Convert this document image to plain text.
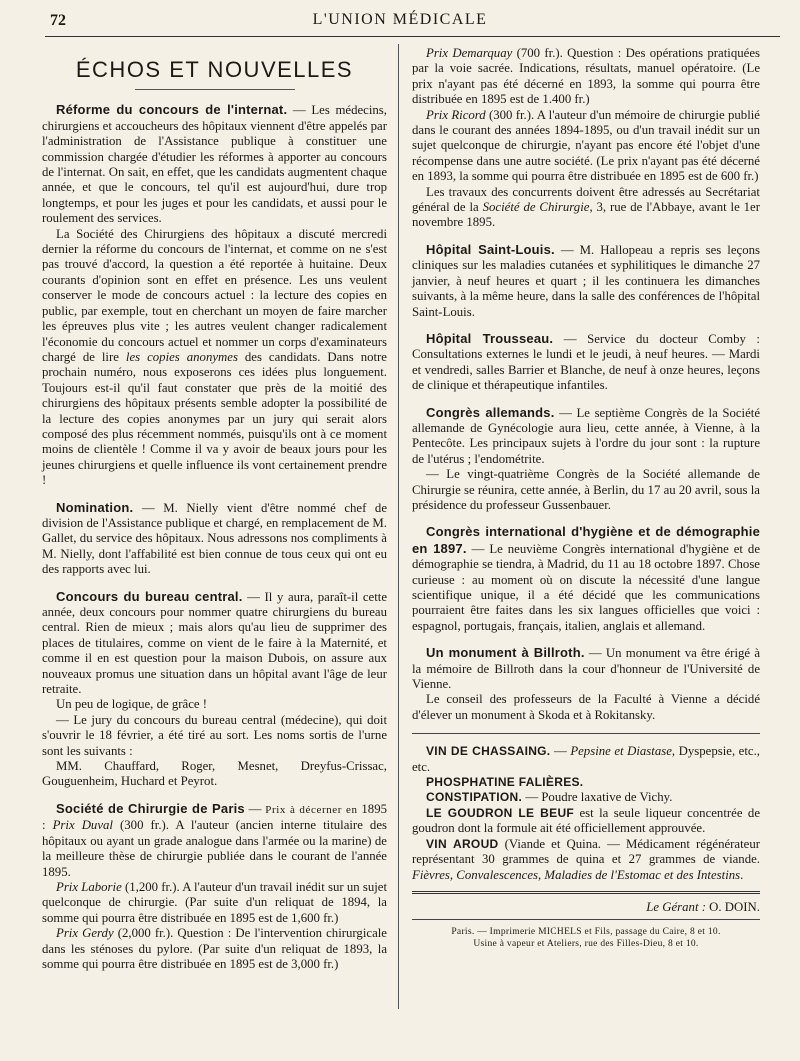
72	L'UNION MÉDICALE
ÉCHOS ET NOUVELLES

Réforme du concours de l'internat. — Les médecins, chirurgiens et accoucheurs des hôpitaux viennent d'être appelés par l'administration de l'Assistance publique à constituer une commission chargée d'étudier les réformes à apporter au concours de l'internat. On sait, en effet, que les candidats augmentent chaque année, et que le concours, tel qu'il est aujourd'hui, dure trop longtemps, et pour les juges et pour les candidats, et aussi pour le roulement des services.

La Société des Chirurgiens des hôpitaux a discuté mercredi dernier la réforme du concours de l'internat, et comme on ne s'est pas trouvé d'accord, la question a été reportée à huitaine. Deux courants d'opinion sont en effet en présence. Les uns veulent conserver le mode de concours actuel : la lecture des copies en public, par exemple, tout en cherchant un moyen de faire marcher les épreuves plus vite ; les autres veulent changer radicalement l'économie du concours actuel et nommer un corps d'examinateurs chargé de lire les copies anonymes des candidats. Dans notre prochain numéro, nous exposerons ces idées plus longuement. Toujours est-il qu'il faut constater que près de la moitié des chirurgiens des hôpitaux présents semble adopter la possibilité de la lecture des copies anonymes par un jury qui serait alors composé des plus récemment nommés, puisqu'ils ont à ce moment moins de clientèle ! Comme il va y avoir de beaux jours pour les jeunes chirurgiens et quelle influence ils vont certainement prendre !

Nomination. — M. Nielly vient d'être nommé chef de division de l'Assistance publique et chargé, en remplacement de M. Gallet, du service des hôpitaux. Nous adressons nos compliments à M. Nielly, dont l'affabilité est bien connue de tous ceux qui ont eu des rapports avec lui.

Concours du bureau central. — Il y aura, paraît-il cette année, deux concours pour nommer quatre chirurgiens du bureau central. Rien de mieux ; mais alors qu'au lieu de supprimer des places de titulaires, comme on vient de le faire à la Maternité, et comme il en est question pour la maison Dubois, on assure aux nouveaux promus une situation dans un hôpital avant l'âge de leur retraite.

Un peu de logique, de grâce !

— Le jury du concours du bureau central (médecine), qui doit s'ouvrir le 18 février, a été tiré au sort. Les noms sortis de l'urne sont les suivants :

MM. Chauffard, Roger, Mesnet, Dreyfus-Crissac, Gouguenheim, Huchard et Peyrot.

Société de Chirurgie de Paris — Prix à décerner en 1895 : Prix Duval (300 fr.). A l'auteur (ancien interne titulaire des hôpitaux ou ayant un grade analogue dans l'armée ou la marine) de la meilleure thèse de chirurgie publiée dans le courant de l'année 1895.

Prix Laborie (1,200 fr.). A l'auteur d'un travail inédit sur un sujet quelconque de chirurgie. (Par suite d'un reliquat de 1894, la somme qui pourra être distribuée en 1895 est de 1,600 fr.)

Prix Gerdy (2,000 fr.). Question : De l'intervention chirurgicale dans les sténoses du pylore. (Par suite d'un reliquat de 1893, la somme qui pourra être distribuée en 1895 est de 3,000 fr.)

Prix Demarquay (700 fr.). Question : Des opérations pratiquées par la voie sacrée. Indications, résultats, manuel opératoire. (Le prix n'ayant pas été décerné en 1893, la somme qui pourra être distribuée en 1895 est de 1.400 fr.)

Prix Ricord (300 fr.). A l'auteur d'un mémoire de chirurgie publié dans le courant des années 1894-1895, ou d'un travail inédit sur un sujet quelconque de chirurgie, n'ayant pas encore été l'objet d'une récompense dans une autre société. (Le prix n'ayant pas été décerné en 1893, la somme qui pourra être distribuée en 1895 est de 600 fr.)

Les travaux des concurrents doivent être adressés au Secrétariat général de la Société de Chirurgie, 3, rue de l'Abbaye, avant le 1er novembre 1895.

Hôpital Saint-Louis. — M. Hallopeau a repris ses leçons cliniques sur les maladies cutanées et syphilitiques le dimanche 27 janvier, à neuf heures et quart ; il les continuera les dimanches suivants, à la même heure, dans la salle des conférences de l'hôpital Saint-Louis.

Hôpital Trousseau. — Service du docteur Comby : Consultations externes le lundi et le jeudi, à neuf heures. — Mardi et vendredi, salles Barrier et Blanche, de neuf à onze heures, leçons de clinique et thérapeutique infantiles.

Congrès allemands. — Le septième Congrès de la Société allemande de Gynécologie aura lieu, cette année, à Vienne, à la Pentecôte. Les principaux sujets à l'ordre du jour sont : la rupture de l'utérus ; l'endométrite.

— Le vingt-quatrième Congrès de la Société allemande de Chirurgie se réunira, cette année, à Berlin, du 17 au 20 avril, sous la présidence du professeur Gussenbauer.

Congrès international d'hygiène et de démographie en 1897. — Le neuvième Congrès international d'hygiène et de démographie se tiendra, à Madrid, du 11 au 18 octobre 1897. Chose curieuse : au moment où on discute la nécessité d'une langue scientifique unique, il a été décidé que les communications pourraient être faites dans les six langues officielles que voici : espagnol, portugais, français, italien, anglais et allemand.

Un monument à Billroth. — Un monument va être érigé à la mémoire de Billroth dans la cour d'honneur de l'Université de Vienne.

Le conseil des professeurs de la Faculté à Vienne a décidé d'élever un monument à Skoda et à Rokitansky.

VIN DE CHASSAING. — Pepsine et Diastase, Dyspepsie, etc., etc.

PHOSPHATINE FALIÈRES.

CONSTIPATION. — Poudre laxative de Vichy.

LE GOUDRON LE BEUF est la seule liqueur concentrée de goudron dont la formule ait été officiellement approuvée.

VIN AROUD (Viande et Quina. — Médicament régénérateur représentant 30 grammes de quina et 27 grammes de viande. Fièvres, Convalescences, Maladies de l'Estomac et des Intestins.

Le Gérant : O. DOIN.
Paris. — Imprimerie MICHELS et Fils, passage du Caire, 8 et 10.
Usine à vapeur et Ateliers, rue des Filles-Dieu, 8 et 10.
